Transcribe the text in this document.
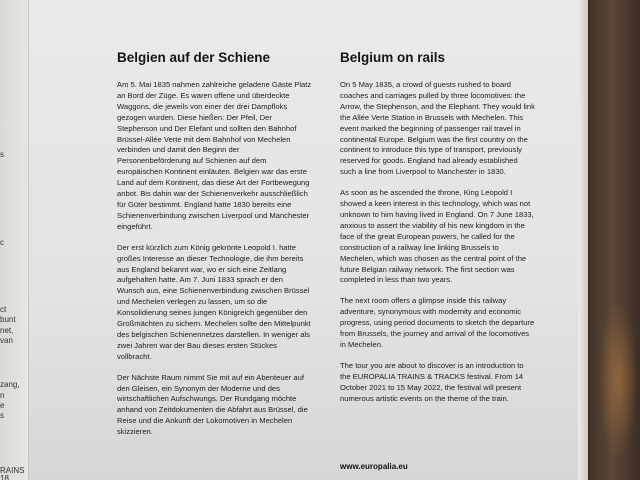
s
c
ct
bunt
net,
van
zang,
n
e
s
RAINS
18
Belgien auf der Schiene

Am 5. Mai 1835 nahmen zahlreiche geladene Gäste Platz an Bord der Züge. Es waren offene und überdeckte Waggons, die jeweils von einer der drei Dampfloks gezogen wurden. Diese hießen: Der Pfeil, Der Stephenson und Der Elefant und sollten den Bahnhof Brüssel-Allée Verte mit dem Bahnhof von Mechelen verbinden und damit den Beginn der Personenbeförderung auf Schienen auf dem europäischen Kontinent einläuten. Belgien war das erste Land auf dem Kontinent, das diese Art der Fortbewegung anbot. Bis dahin war der Schienenverkehr ausschließlich für Güter bestimmt. England hatte 1830 bereits eine Schienenverbindung zwischen Liverpool und Manchester eingeführt.

Der erst kürzlich zum König gekrönte Leopold I. hatte großes Interesse an dieser Technologie, die ihm bereits aus England bekannt war, wo er sich eine Zeitlang aufgehalten hatte. Am 7. Juni 1833 sprach er den Wunsch aus, eine Schienenverbindung zwischen Brüssel und Mechelen verlegen zu lassen, um so die Konsolidierung seines jungen Königreich gegenüber den Großmächten zu sichern. Mechelen sollte den Mittelpunkt des belgischen Schienennetzes darstellen. In weniger als zwei Jahren war der Bau dieses ersten Stückes vollbracht.

Der Nächste Raum nimmt Sie mit auf ein Abenteuer auf den Gleisen, ein Synonym der Moderne und des wirtschaftlichen Aufschwungs. Der Rundgang möchte anhand von Zeitdokumenten die Abfahrt aus Brüssel, die Reise und die Ankunft der Lokomotiven in Mechelen skizzieren.

Belgium on rails

On 5 May 1835, a crowd of guests rushed to board coaches and carriages pulled by three locomotives: the Arrow, the Stephenson, and the Elephant. They would link the Allée Verte Station in Brussels with Mechelen. This event marked the beginning of passenger rail travel in continental Europe. Belgium was the first country on the continent to introduce this type of transport, previously reserved for goods. England had already established such a line from Liverpool to Manchester in 1830.

As soon as he ascended the throne, King Leopold I showed a keen interest in this technology, which was not unknown to him having lived in England. On 7 June 1833, anxious to assert the viability of his new kingdom in the face of the great European powers, he called for the construction of a railway line linking Brussels to Mechelen, which was chosen as the central point of the future Belgian railway network. The first section was completed in less than two years.

The next room offers a glimpse inside this railway adventure, synonymous with modernity and economic progress, using period documents to sketch the departure from Brussels, the journey and arrival of the locomotives in Mechelen.

The tour you are about to discover is an introduction to the EUROPALIA TRAINS & TRACKS festival. From 14 October 2021 to 15 May 2022, the festival will present numerous artistic events on the theme of the train.

www.europalia.eu
